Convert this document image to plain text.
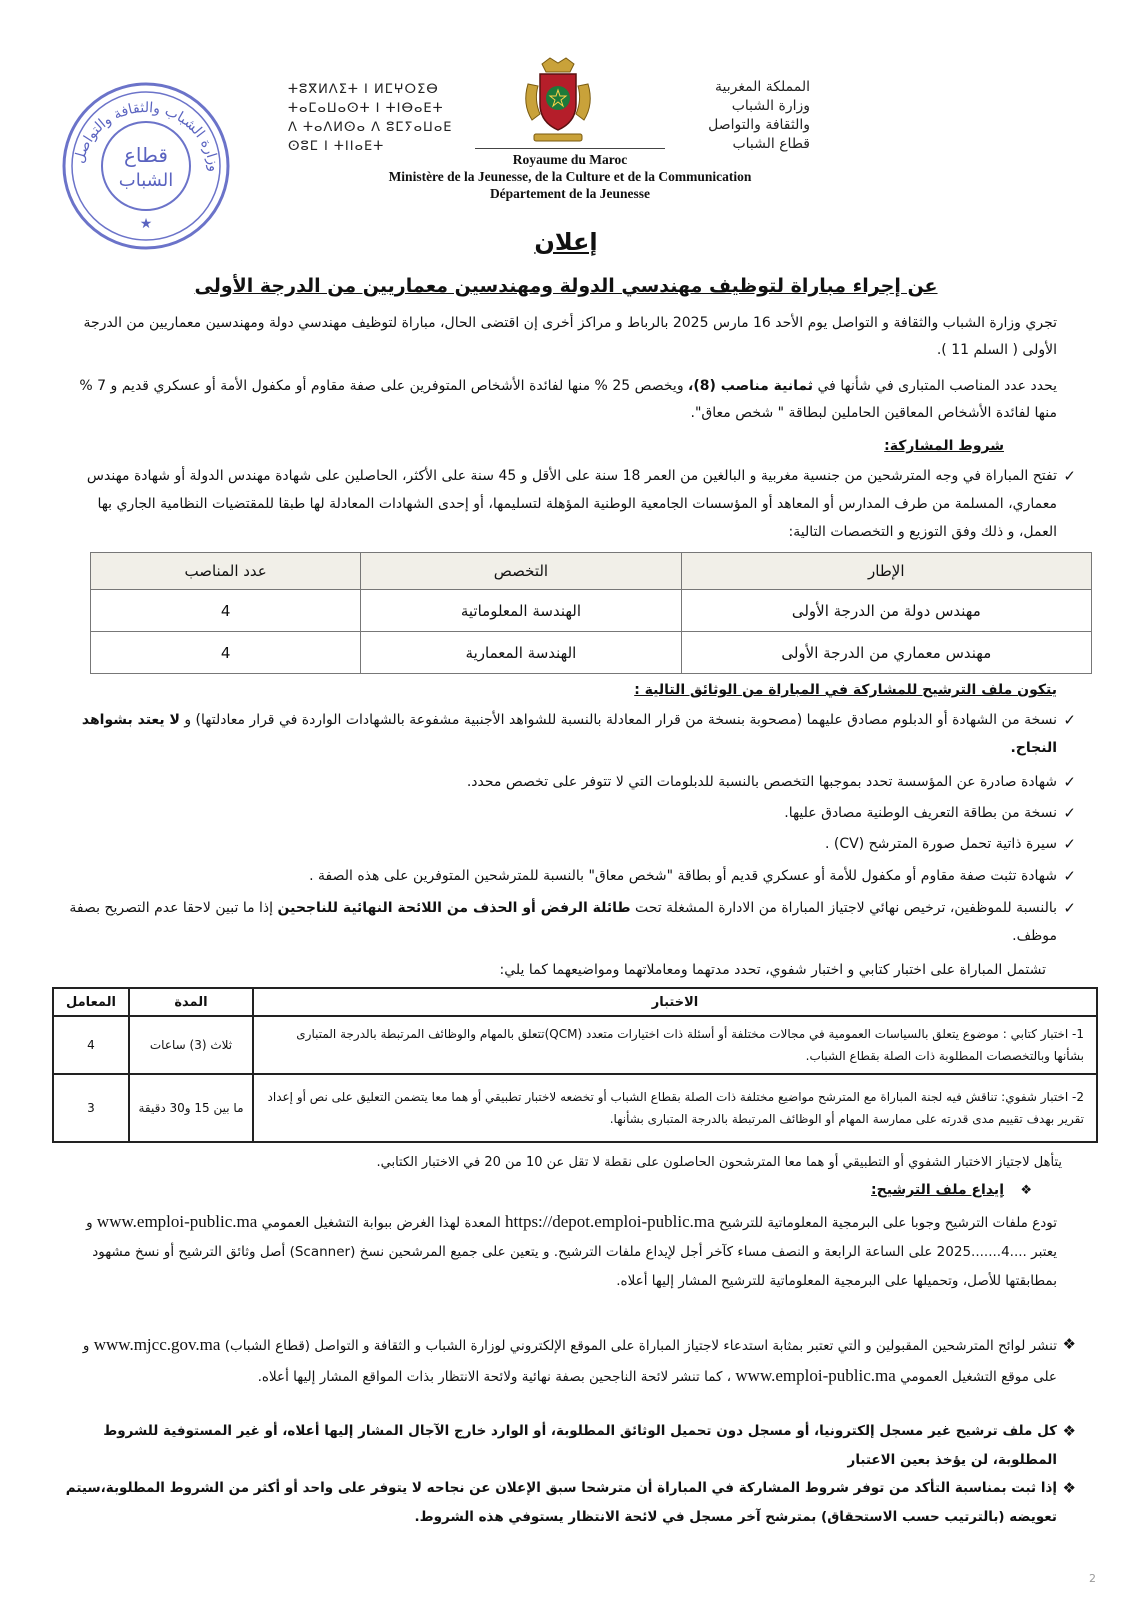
قطاع
الشباب
وزارة الشباب والثقافة والتواصل
★
ⵜⵓⴳⵍⴷⵉⵜ ⵏ ⵍⵎⵖⵔⵉⴱ
ⵜⴰⵎⴰⵡⴰⵙⵜ ⵏ ⵜⵏⴱⴰⴹⵜ
ⴷ ⵜⴰⴷⵍⵙⴰ ⴷ ⵓⵎⵢⴰⵡⴰⴹ
ⵙⵓⵎ ⵏ ⵜⵏⵏⴰⴹⵜ
المملكة المغربية
وزارة الشباب
والثقافة والتواصل
قطاع الشباب
Royaume du Maroc
Ministère de la Jeunesse, de la Culture et de la Communication
Département de la Jeunesse
إعلان
عن إجراء مباراة لتوظيف مهندسي الدولة ومهندسين معماريين من الدرجة الأولى
تجري وزارة الشباب والثقافة و التواصل يوم الأحد 16 مارس 2025 بالرباط و مراكز أخرى إن اقتضى الحال، مباراة لتوظيف مهندسي دولة ومهندسين معماريين من الدرجة الأولى ( السلم 11 ).
يحدد عدد المناصب المتبارى في شأنها في ثمانية مناصب (8)، ويخصص 25 % منها لفائدة الأشخاص المتوفرين على صفة مقاوم أو مكفول الأمة أو عسكري قديم و 7 % منها لفائدة الأشخاص المعاقين الحاملين لبطاقة " شخص معاق".
شروط المشاركة:
✓
تفتح المباراة في وجه المترشحين من جنسية مغربية و البالغين من العمر 18 سنة على الأقل و 45 سنة على الأكثر، الحاصلين على شهادة مهندس الدولة أو شهادة مهندس معماري، المسلمة من طرف المدارس أو المعاهد أو المؤسسات الجامعية الوطنية المؤهلة لتسليمها، أو إحدى الشهادات المعادلة لها طبقا للمقتضيات النظامية الجاري بها العمل، و ذلك وفق التوزيع و التخصصات التالية:
الإطار	التخصص	عدد المناصب
مهندس دولة من الدرجة الأولى	الهندسة المعلوماتية	4
مهندس معماري من الدرجة الأولى	الهندسة المعمارية	4
يتكون ملف الترشيح للمشاركة في المباراة من الوثائق التالية :
✓
نسخة من الشهادة أو الدبلوم مصادق عليهما (مصحوبة بنسخة من قرار المعادلة بالنسبة للشواهد الأجنبية مشفوعة بالشهادات الواردة في قرار معادلتها) و لا يعتد بشواهد النجاح.
✓
شهادة صادرة عن المؤسسة تحدد بموجبها التخصص بالنسبة للدبلومات التي لا تتوفر على تخصص محدد.
✓
نسخة من بطاقة التعريف الوطنية مصادق عليها.
✓
سيرة ذاتية تحمل صورة المترشح (CV) .
✓
شهادة تثبت صفة مقاوم أو مكفول للأمة أو عسكري قديم أو بطاقة "شخص معاق" بالنسبة للمترشحين المتوفرين على هذه الصفة .
✓
بالنسبة للموظفين، ترخيص نهائي لاجتياز المباراة من الادارة المشغلة تحت طائلة الرفض أو الحذف من اللائحة النهائية للناجحين إذا ما تبين لاحقا عدم التصريح بصفة موظف.
تشتمل المباراة على اختبار كتابي و اختبار شفوي، تحدد مدتهما ومعاملاتهما ومواضيعهما كما يلي:
الاختبار	المدة	المعامل
1- اختبار كتابي : موضوع يتعلق بالسياسات العمومية في مجالات مختلفة أو أسئلة ذات اختيارات متعدد (QCM)تتعلق بالمهام والوظائف المرتبطة بالدرجة المتبارى بشأنها وبالتخصصات المطلوبة ذات الصلة بقطاع الشباب.	ثلاث (3) ساعات	4
2- اختبار شفوي: تناقش فيه لجنة المباراة مع المترشح مواضيع مختلفة ذات الصلة بقطاع الشباب أو تخضعه لاختبار تطبيقي أو هما معا يتضمن التعليق على نص أو إعداد تقرير بهدف تقييم مدى قدرته على ممارسة المهام أو الوظائف المرتبطة بالدرجة المتبارى بشأنها.	ما بين 15 و30 دقيقة	3
يتأهل لاجتياز الاختبار الشفوي أو التطبيقي أو هما معا المترشحون الحاصلون على نقطة لا تقل عن 10 من 20 في الاختبار الكتابي.
❖
إيداع ملف الترشيح:
تودع ملفات الترشيح وجوبا على البرمجية المعلوماتية للترشيح https://depot.emploi-public.ma المعدة لهذا الغرض ببوابة التشغيل العمومي www.emploi-public.ma و يعتبر ....4.......2025 على الساعة الرابعة و النصف مساء كآخر أجل لإيداع ملفات الترشيح. و يتعين على جميع المرشحين نسخ (Scanner) أصل وثائق الترشيح أو نسخ مشهود بمطابقتها للأصل، وتحميلها على البرمجية المعلوماتية للترشيح المشار إليها أعلاه.
❖
تنشر لوائح المترشحين المقبولين و التي تعتبر بمثابة استدعاء لاجتياز المباراة على الموقع الإلكتروني لوزارة الشباب و الثقافة و التواصل (قطاع الشباب) www.mjcc.gov.ma و على موقع التشغيل العمومي www.emploi-public.ma ، كما تنشر لائحة الناجحين بصفة نهائية ولائحة الانتظار بذات المواقع المشار إليها أعلاه.
❖
كل ملف ترشيح غير مسجل إلكترونيا، أو مسجل دون تحميل الوثائق المطلوبة، أو الوارد خارج الآجال المشار إليها أعلاه، أو غير المستوفية للشروط المطلوبة، لن يؤخذ بعين الاعتبار
❖
إذا ثبت بمناسبة التأكد من توفر شروط المشاركة في المباراة أن مترشحا سبق الإعلان عن نجاحه لا يتوفر على واحد أو أكثر من الشروط المطلوبة،سيتم تعويضه (بالترتيب حسب الاستحقاق) بمترشح آخر مسجل في لائحة الانتظار يستوفي هذه الشروط.
2
